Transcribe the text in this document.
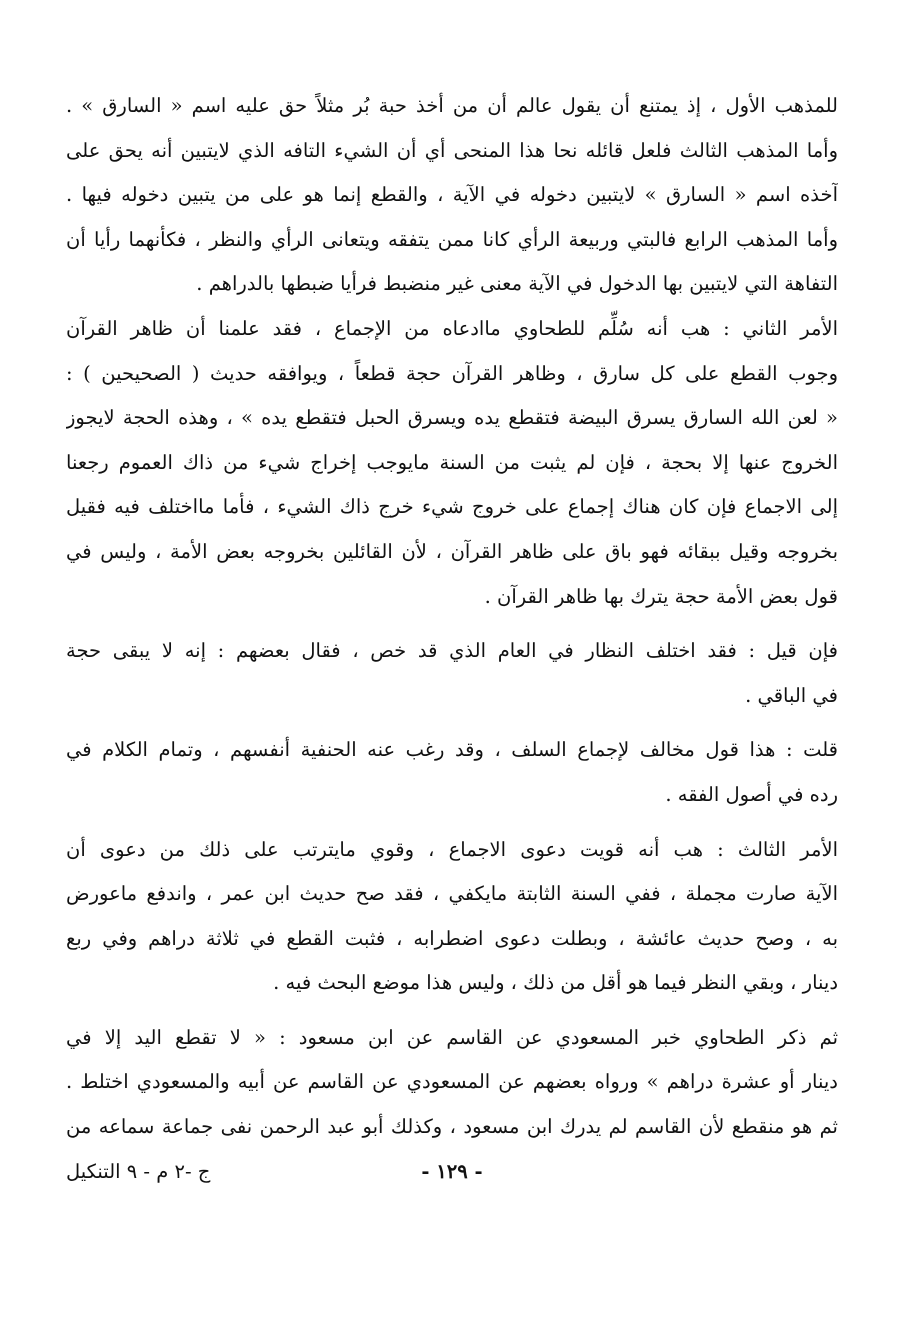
للمذهب الأول ، إذ يمتنع أن يقول عالم أن من أخذ حبة بُر مثلاً حق عليه اسم « السارق » .
وأما المذهب الثالث فلعل قائله نحا هذا المنحى أي أن الشيء التافه الذي لايتبين أنه يحق على
آخذه اسم « السارق » لايتبين دخوله في الآية ، والقطع إنما هو على من يتبين دخوله فيها .
وأما المذهب الرابع فالبتي وربيعة الرأي كانا ممن يتفقه ويتعانى الرأي والنظر ، فكأنهما رأيا أن
التفاهة التي لايتبين بها الدخول في الآية معنى غير منضبط فرأيا ضبطها بالدراهم .
الأمر الثاني : هب أنه سُلِّم للطحاوي ماادعاه من الإجماع ، فقد علمنا أن ظاهر القرآن
وجوب القطع على كل سارق ، وظاهر القرآن حجة قطعاً ، ويوافقه حديث ( الصحيحين ) :
« لعن الله السارق يسرق البيضة فتقطع يده ويسرق الحبل فتقطع يده » ، وهذه الحجة لايجوز
الخروج عنها إلا بحجة ، فإن لم يثبت من السنة مايوجب إخراج شيء من ذاك العموم رجعنا
إلى الاجماع فإن كان هناك إجماع على خروج شيء خرج ذاك الشيء ، فأما مااختلف فيه فقيل
بخروجه وقيل ببقائه فهو باق على ظاهر القرآن ، لأن القائلين بخروجه بعض الأمة ، وليس في
قول بعض الأمة حجة يترك بها ظاهر القرآن .
فإن قيل : فقد اختلف النظار في العام الذي قد خص ، فقال بعضهم : إنه لا يبقى حجة
في الباقي .
قلت : هذا قول مخالف لإجماع السلف ، وقد رغب عنه الحنفية أنفسهم ، وتمام الكلام في
رده في أصول الفقه .
الأمر الثالث : هب أنه قويت دعوى الاجماع ، وقوي مايترتب على ذلك من دعوى أن
الآية صارت مجملة ، ففي السنة الثابتة مايكفي ، فقد صح حديث ابن عمر ، واندفع ماعورض
به ، وصح حديث عائشة ، وبطلت دعوى اضطرابه ، فثبت القطع في ثلاثة دراهم وفي ربع
دينار ، وبقي النظر فيما هو أقل من ذلك ، وليس هذا موضع البحث فيه .
ثم ذكر الطحاوي خبر المسعودي عن القاسم عن ابن مسعود : « لا تقطع اليد إلا في
دينار أو عشرة دراهم » ورواه بعضهم عن المسعودي عن القاسم عن أبيه والمسعودي اختلط .
ثم هو منقطع لأن القاسم لم يدرك ابن مسعود ، وكذلك أبو عبد الرحمن نفى جماعة سماعه من
- ١٢٩ -
ج -٢ م - ٩ التنكيل
